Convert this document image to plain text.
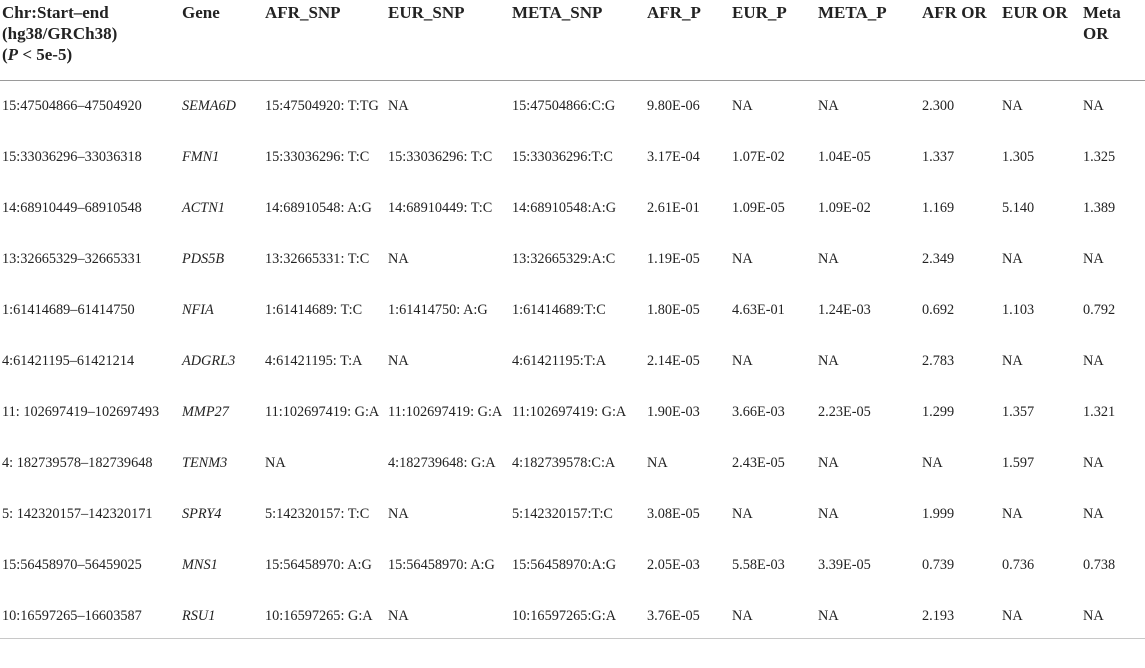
Chr:Start–end
(hg38/GRCh38)
(P < 5e-5)	Gene	AFR_SNP	EUR_SNP	META_SNP	AFR_P	EUR_P	META_P	AFR OR	EUR OR	Meta OR
15:47504866–47504920	SEMA6D	15:47504920: T:TG	NA	15:47504866:C:G	9.80E-06	NA	NA	2.300	NA	NA
15:33036296–33036318	FMN1	15:33036296: T:C	15:33036296: T:C	15:33036296:T:C	3.17E-04	1.07E-02	1.04E-05	1.337	1.305	1.325
14:68910449–68910548	ACTN1	14:68910548: A:G	14:68910449: T:C	14:68910548:A:G	2.61E-01	1.09E-05	1.09E-02	1.169	5.140	1.389
13:32665329–32665331	PDS5B	13:32665331: T:C	NA	13:32665329:A:C	1.19E-05	NA	NA	2.349	NA	NA
1:61414689–61414750	NFIA	1:61414689: T:C	1:61414750: A:G	1:61414689:T:C	1.80E-05	4.63E-01	1.24E-03	0.692	1.103	0.792
4:61421195–61421214	ADGRL3	4:61421195: T:A	NA	4:61421195:T:A	2.14E-05	NA	NA	2.783	NA	NA
11: 102697419–102697493	MMP27	11:102697419: G:A	11:102697419: G:A	11:102697419: G:A	1.90E-03	3.66E-03	2.23E-05	1.299	1.357	1.321
4: 182739578–182739648	TENM3	NA	4:182739648: G:A	4:182739578:C:A	NA	2.43E-05	NA	NA	1.597	NA
5: 142320157–142320171	SPRY4	5:142320157: T:C	NA	5:142320157:T:C	3.08E-05	NA	NA	1.999	NA	NA
15:56458970–56459025	MNS1	15:56458970: A:G	15:56458970: A:G	15:56458970:A:G	2.05E-03	5.58E-03	3.39E-05	0.739	0.736	0.738
10:16597265–16603587	RSU1	10:16597265: G:A	NA	10:16597265:G:A	3.76E-05	NA	NA	2.193	NA	NA
